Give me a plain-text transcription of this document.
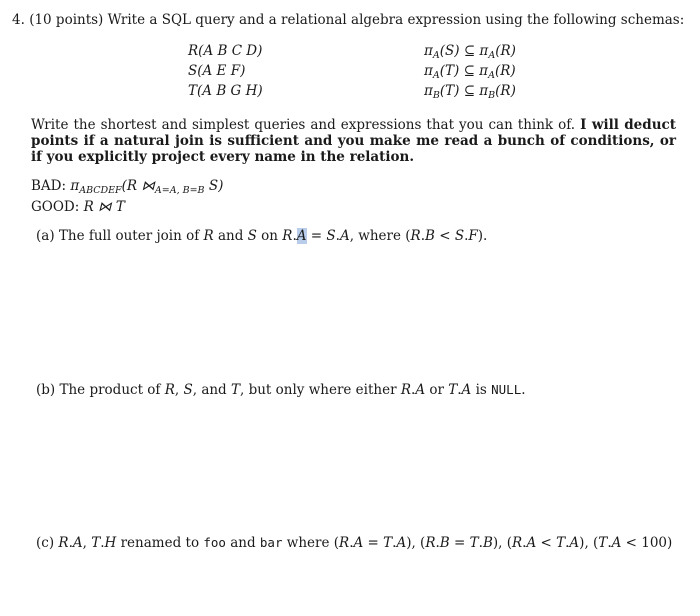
4. (10 points) Write a SQL query and a relational algebra expression using the following schemas:
R(A B C D)
S(A E F)
T(A B G H)
$\pi_A(S)$ ⊆ $\pi_A(R)$
$\pi_A(T)$ ⊆ $\pi_A(R)$
$\pi_B(T)$ ⊆ $\pi_B(R)$
Write the shortest and simplest queries and expressions that you can think of. I will deduct points if a natural join is sufficient and you make me read a bunch of conditions, or if you explicitly project every name in the relation.
BAD: $\pi_{ABCDEF}(R$ $⋈_{A=A, B=B}$ S)
GOOD: R ⋈ T
(a) The full outer join of R and S on R.A = S.A, where (R.B < S.F).
(b) The product of R, S, and T, but only where either R.A or T.A is NULL.
(c) R.A, T.H renamed to foo and bar where (R.A = T.A), (R.B = T.B), (R.A < T.A), (T.A < 100)
